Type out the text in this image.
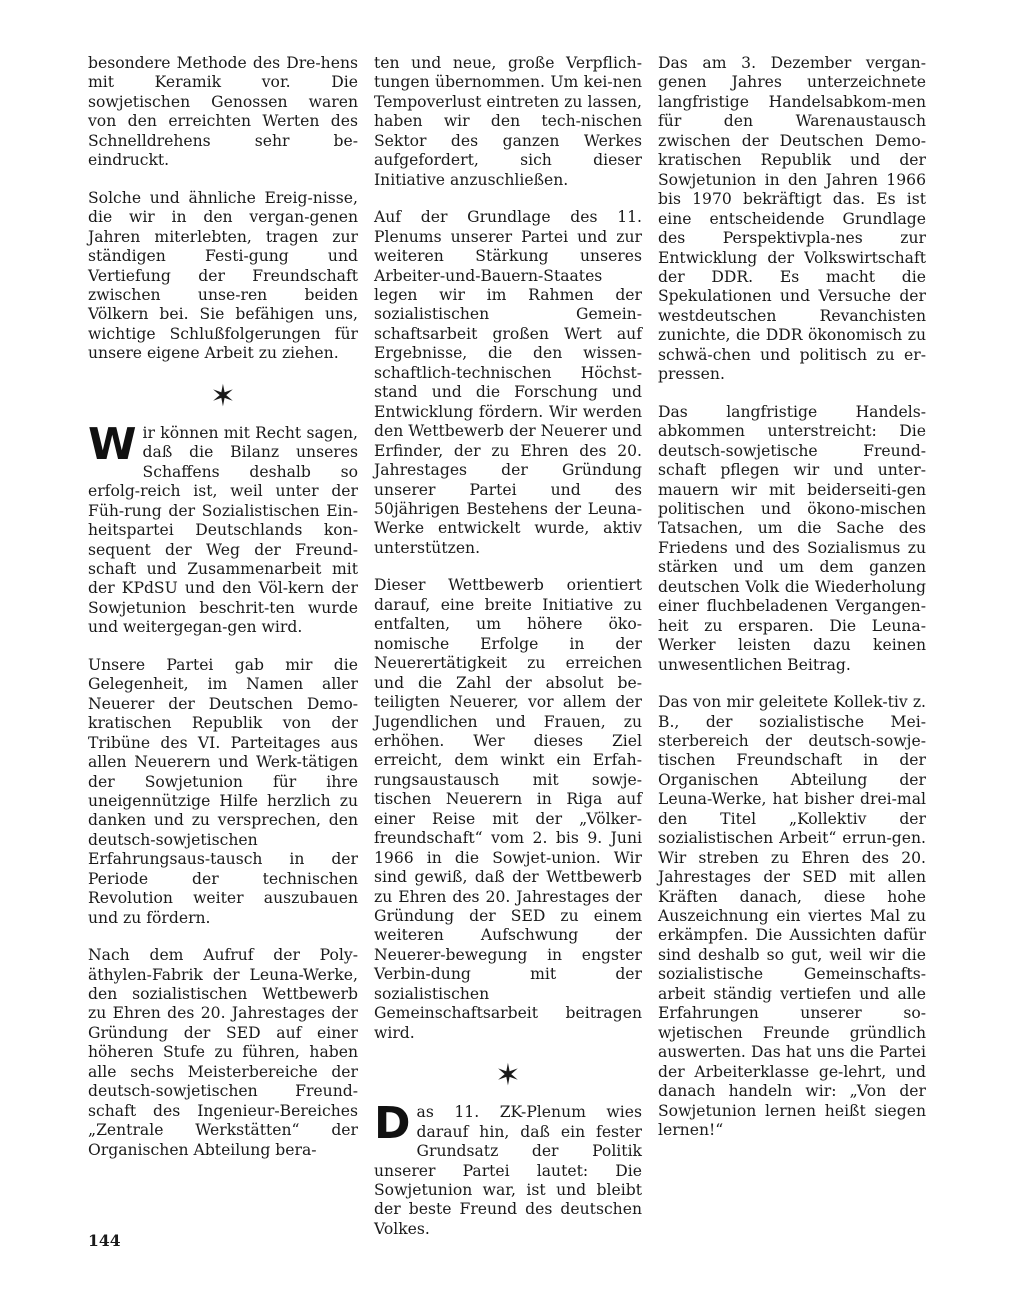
besondere Methode des Dre-hens mit Keramik vor. Die sowjetischen Genossen waren von den erreichten Werten des Schnelldrehens sehr be-eindruckt.

Solche und ähnliche Ereig-nisse, die wir in den vergan-genen Jahren miterlebten, tragen zur ständigen Festi-gung und Vertiefung der Freundschaft zwischen unse-ren beiden Völkern bei. Sie befähigen uns, wichtige Schlußfolgerungen für unsere eigene Arbeit zu ziehen.

✶

Wir können mit Recht sagen, daß die Bilanz unseres Schaffens deshalb so erfolg-reich ist, weil unter der Füh-rung der Sozialistischen Ein-heitspartei Deutschlands kon-sequent der Weg der Freund-schaft und Zusammenarbeit mit der KPdSU und den Völ-kern der Sowjetunion beschrit-ten wurde und weitergegan-gen wird.

Unsere Partei gab mir die Gelegenheit, im Namen aller Neuerer der Deutschen Demo-kratischen Republik von der Tribüne des VI. Parteitages aus allen Neuerern und Werk-tätigen der Sowjetunion für ihre uneigennützige Hilfe herzlich zu danken und zu versprechen, den deutsch-sowjetischen Erfahrungsaus-tausch in der Periode der technischen Revolution weiter auszubauen und zu fördern.

Nach dem Aufruf der Poly-äthylen-Fabrik der Leuna-Werke, den sozialistischen Wettbewerb zu Ehren des 20. Jahrestages der Gründung der SED auf einer höheren Stufe zu führen, haben alle sechs Meisterbereiche der deutsch-sowjetischen Freund-schaft des Ingenieur-Bereiches „Zentrale Werkstätten“ der Organischen Abteilung bera-

ten und neue, große Verpflich-tungen übernommen. Um kei-nen Tempoverlust eintreten zu lassen, haben wir den tech-nischen Sektor des ganzen Werkes aufgefordert, sich dieser Initiative anzuschließen.

Auf der Grundlage des 11. Plenums unserer Partei und zur weiteren Stärkung unseres Arbeiter-und-Bauern-Staates legen wir im Rahmen der sozialistischen Gemein-schaftsarbeit großen Wert auf Ergebnisse, die den wissen-schaftlich-technischen Höchst-stand und die Forschung und Entwicklung fördern. Wir werden den Wettbewerb der Neuerer und Erfinder, der zu Ehren des 20. Jahrestages der Gründung unserer Partei und des 50jährigen Bestehens der Leuna-Werke entwickelt wurde, aktiv unterstützen.

Dieser Wettbewerb orientiert darauf, eine breite Initiative zu entfalten, um höhere öko-nomische Erfolge in der Neuerertätigkeit zu erreichen und die Zahl der absolut be-teiligten Neuerer, vor allem der Jugendlichen und Frauen, zu erhöhen. Wer dieses Ziel erreicht, dem winkt ein Erfah-rungsaustausch mit sowje-tischen Neuerern in Riga auf einer Reise mit der „Völker-freundschaft“ vom 2. bis 9. Juni 1966 in die Sowjet-union. Wir sind gewiß, daß der Wettbewerb zu Ehren des 20. Jahrestages der Gründung der SED zu einem weiteren Aufschwung der Neuerer-bewegung in engster Verbin-dung mit der sozialistischen Gemeinschaftsarbeit beitragen wird.

✶

Das 11. ZK-Plenum wies darauf hin, daß ein fester Grundsatz der Politik unserer Partei lautet: Die Sowjetunion war, ist und bleibt der beste Freund des deutschen Volkes.

Das am 3. Dezember vergan-genen Jahres unterzeichnete langfristige Handelsabkom-men für den Warenaustausch zwischen der Deutschen Demo-kratischen Republik und der Sowjetunion in den Jahren 1966 bis 1970 bekräftigt das. Es ist eine entscheidende Grundlage des Perspektivpla-nes zur Entwicklung der Volkswirtschaft der DDR. Es macht die Spekulationen und Versuche der westdeutschen Revanchisten zunichte, die DDR ökonomisch zu schwä-chen und politisch zu er-pressen.

Das langfristige Handels-abkommen unterstreicht: Die deutsch-sowjetische Freund-schaft pflegen wir und unter-mauern wir mit beiderseiti-gen politischen und ökono-mischen Tatsachen, um die Sache des Friedens und des Sozialismus zu stärken und um dem ganzen deutschen Volk die Wiederholung einer fluchbeladenen Vergangen-heit zu ersparen. Die Leuna-Werker leisten dazu keinen unwesentlichen Beitrag.

Das von mir geleitete Kollek-tiv z. B., der sozialistische Mei-sterbereich der deutsch-sowje-tischen Freundschaft in der Organischen Abteilung der Leuna-Werke, hat bisher drei-mal den Titel „Kollektiv der sozialistischen Arbeit“ errun-gen. Wir streben zu Ehren des 20. Jahrestages der SED mit allen Kräften danach, diese hohe Auszeichnung ein viertes Mal zu erkämpfen. Die Aussichten dafür sind deshalb so gut, weil wir die sozialistische Gemeinschafts-arbeit ständig vertiefen und alle Erfahrungen unserer so-wjetischen Freunde gründlich auswerten. Das hat uns die Partei der Arbeiterklasse ge-lehrt, und danach handeln wir: „Von der Sowjetunion lernen heißt siegen lernen!“

144
